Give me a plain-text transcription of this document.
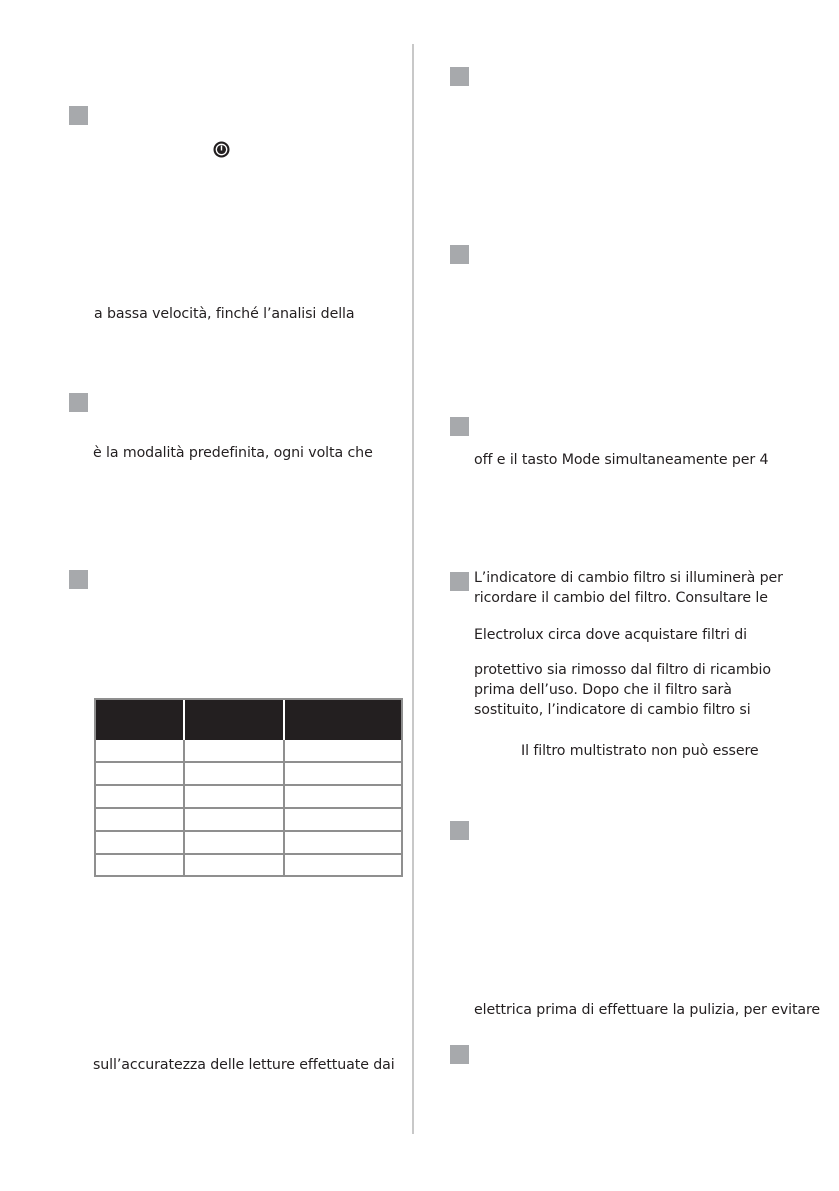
a bassa velocità, finché l’analisi della
è la modalità predefinita, ogni volta che
sull’accuratezza delle letture effettuate dai
off e il tasto Mode simultaneamente per 4
L’indicatore di cambio filtro si illuminerà per
ricordare il cambio del filtro. Consultare le
Electrolux circa dove acquistare filtri di
protettivo sia rimosso dal filtro di ricambio
prima dell’uso. Dopo che il filtro sarà
sostituito, l’indicatore di cambio filtro si
Il filtro multistrato non può essere
elettrica prima di effettuare la pulizia, per evitare
